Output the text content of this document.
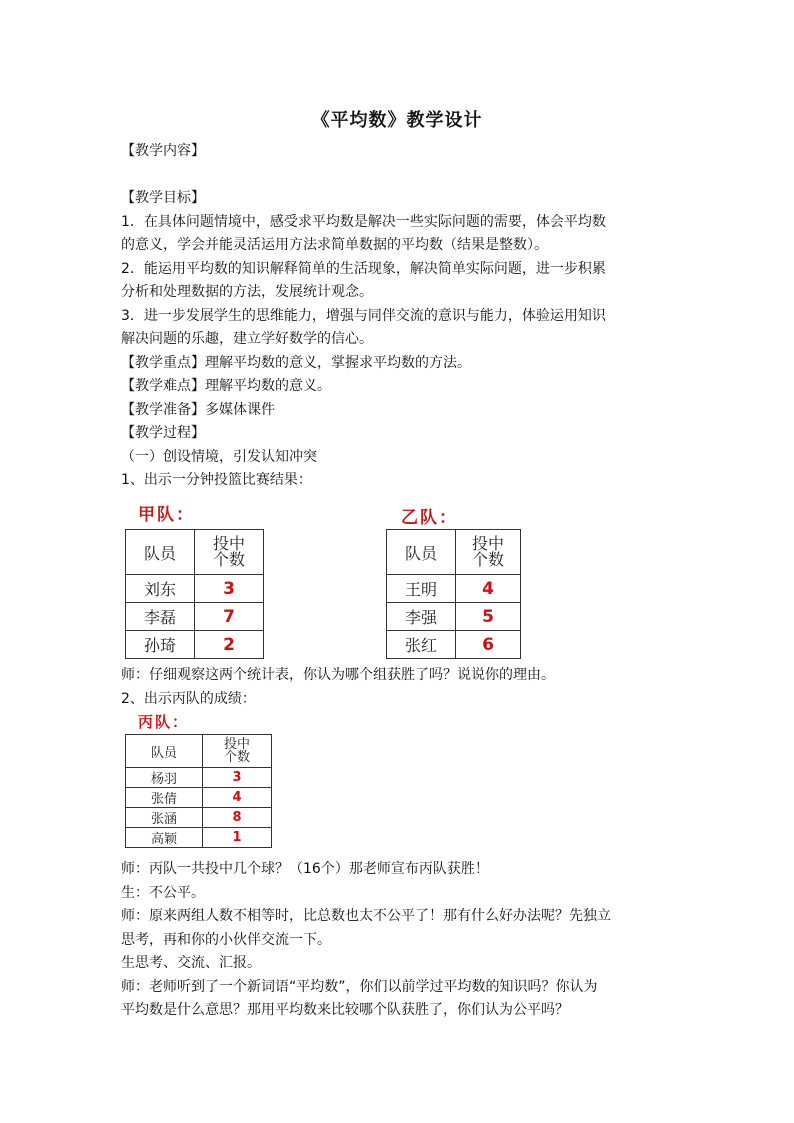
《平均数》教学设计
【教学内容】
【教学目标】
1．在具体问题情境中，感受求平均数是解决一些实际问题的需要，体会平均数
的意义，学会并能灵活运用方法求简单数据的平均数（结果是整数）。
2．能运用平均数的知识解释简单的生活现象，解决简单实际问题，进一步积累
分析和处理数据的方法，发展统计观念。
3．进一步发展学生的思维能力，增强与同伴交流的意识与能力，体验运用知识
解决问题的乐趣，建立学好数学的信心。
【教学重点】理解平均数的意义，掌握求平均数的方法。
【教学难点】理解平均数的意义。
【教学准备】多媒体课件
【教学过程】
（一）创设情境，引发认知冲突
1、出示一分钟投篮比赛结果：
甲队：
队员	投中
个数

刘东	3
李磊	7
孙琦	2
乙队：
队员	投中
个数

王明	4
李强	5
张红	6
师：仔细观察这两个统计表，你认为哪个组获胜了吗？说说你的理由。
2、出示丙队的成绩：
丙队：
队员	投中
个数

杨羽	3
张倩	4
张涵	8
高颖	1
师：丙队一共投中几个球？（16个）那老师宣布丙队获胜！
生：不公平。
师：原来两组人数不相等时，比总数也太不公平了！那有什么好办法呢？先独立
思考，再和你的小伙伴交流一下。
生思考、交流、汇报。
师：老师听到了一个新词语“平均数”，你们以前学过平均数的知识吗？你认为
平均数是什么意思？那用平均数来比较哪个队获胜了，你们认为公平吗？
